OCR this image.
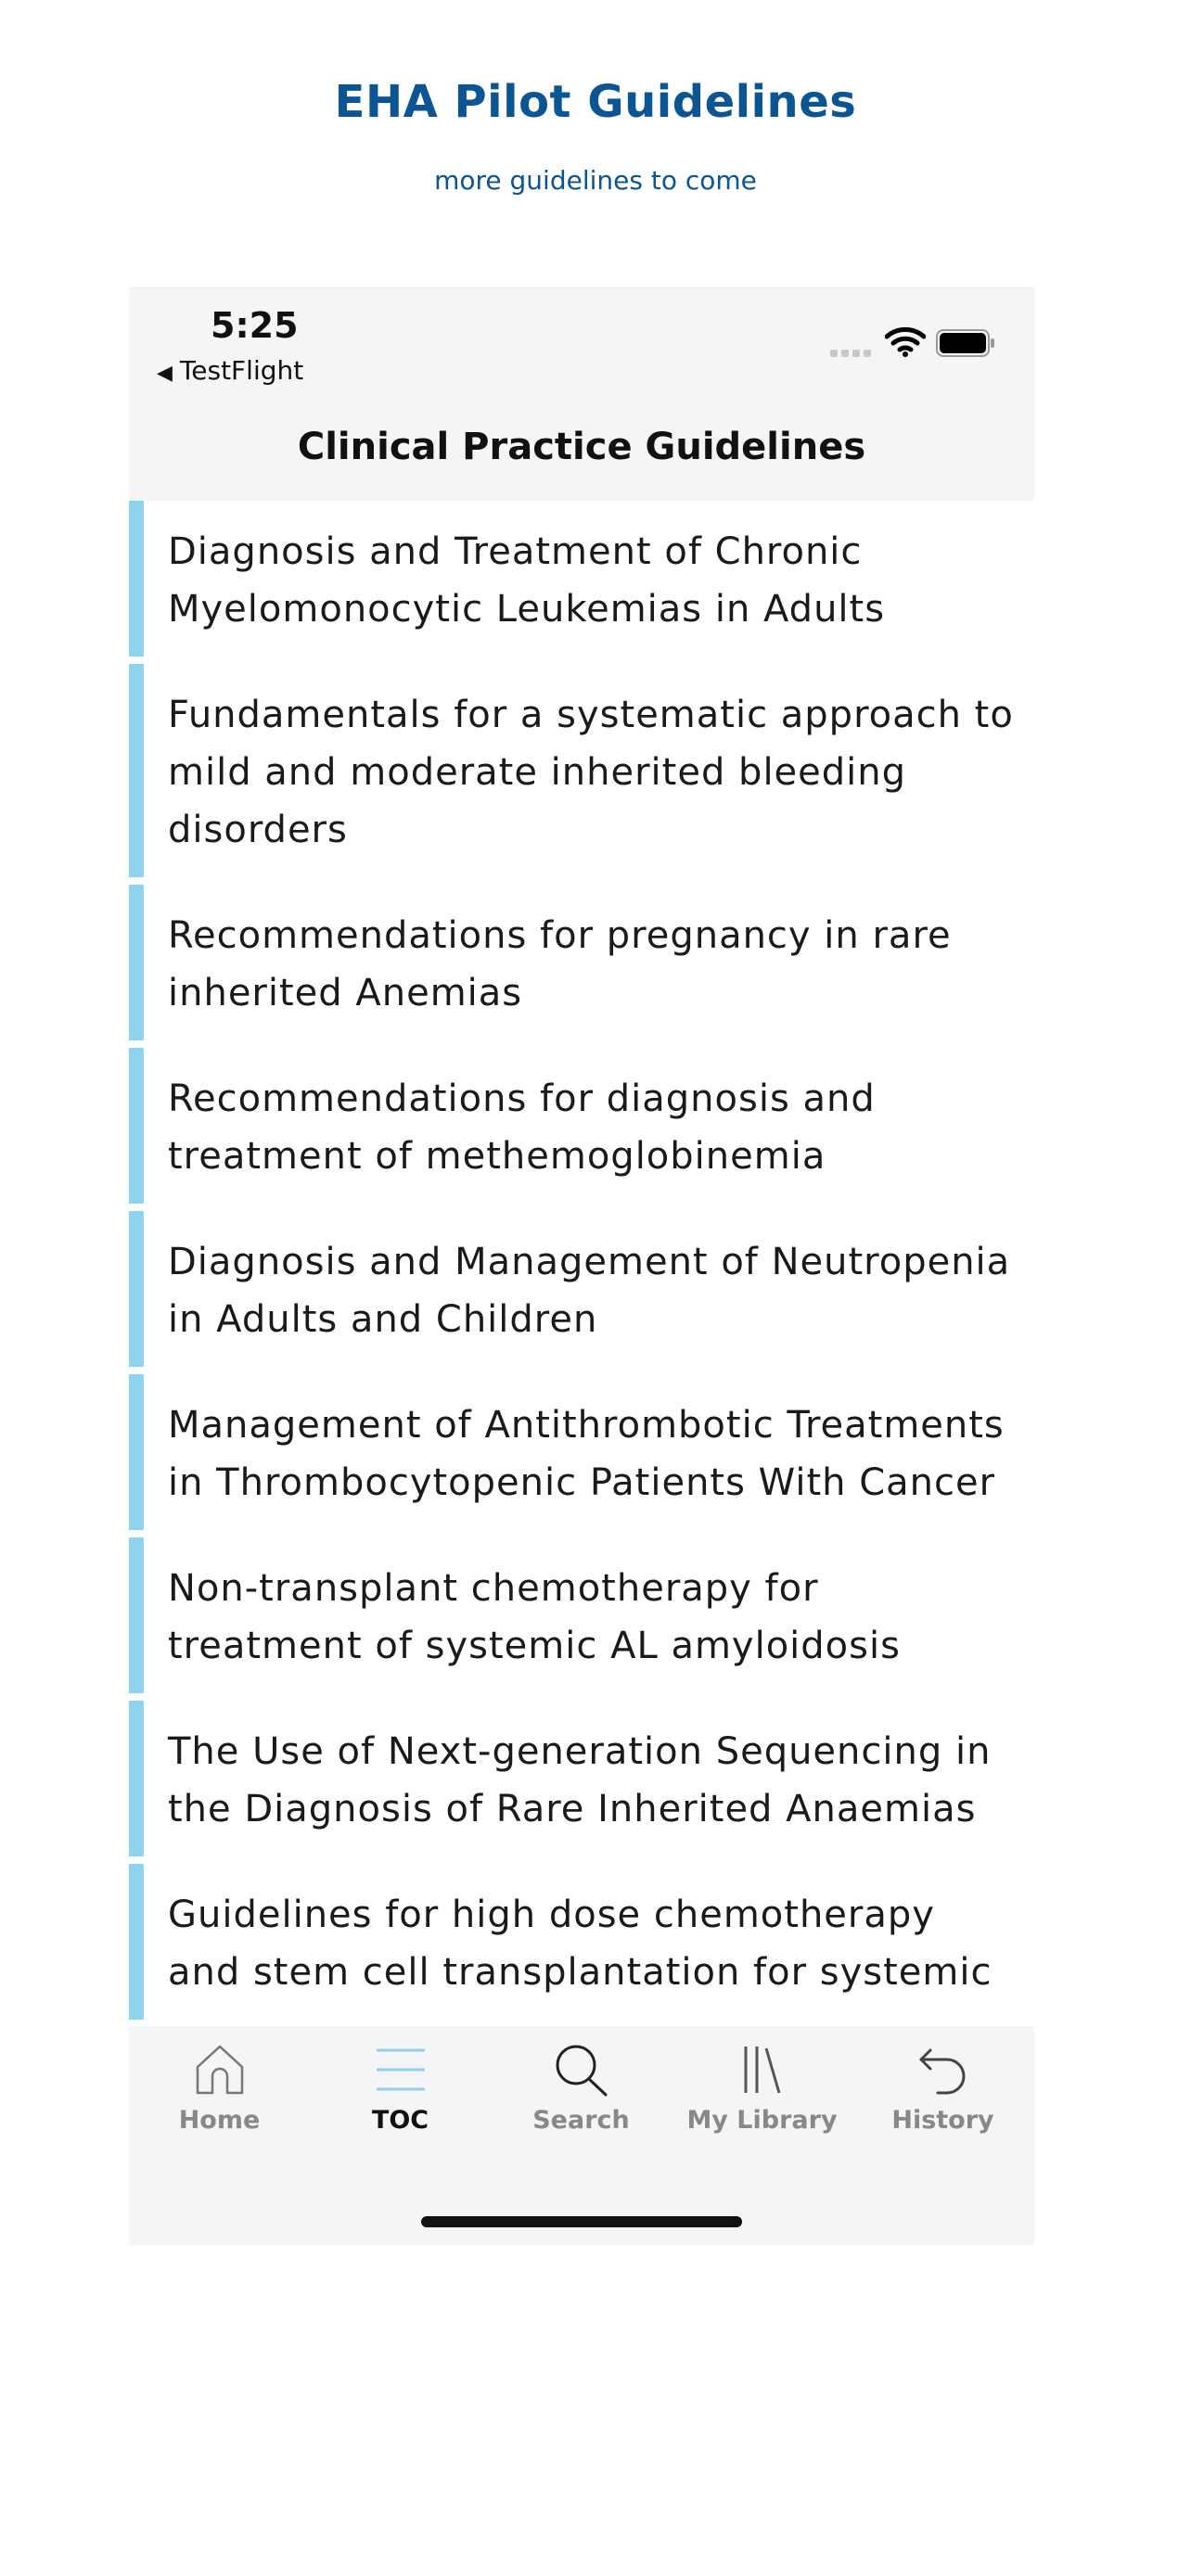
EHA Pilot Guidelines
more guidelines to come
5:25
◀ TestFlight
Clinical Practice Guidelines
Diagnosis and Treatment of Chronic Myelomonocytic Leukemias in Adults
Fundamentals for a systematic approach to mild and moderate inherited bleeding disorders
Recommendations for pregnancy in rare inherited Anemias
Recommendations for diagnosis and treatment of methemoglobinemia
Diagnosis and Management of Neutropenia in Adults and Children
Management of Antithrombotic Treatments in Thrombocytopenic Patients With Cancer
Non-transplant chemotherapy for treatment of systemic AL amyloidosis
The Use of Next-generation Sequencing in the Diagnosis of Rare Inherited Anaemias
Guidelines for high dose chemotherapy and stem cell transplantation for systemic
Home	TOC	Search	My Library	History
